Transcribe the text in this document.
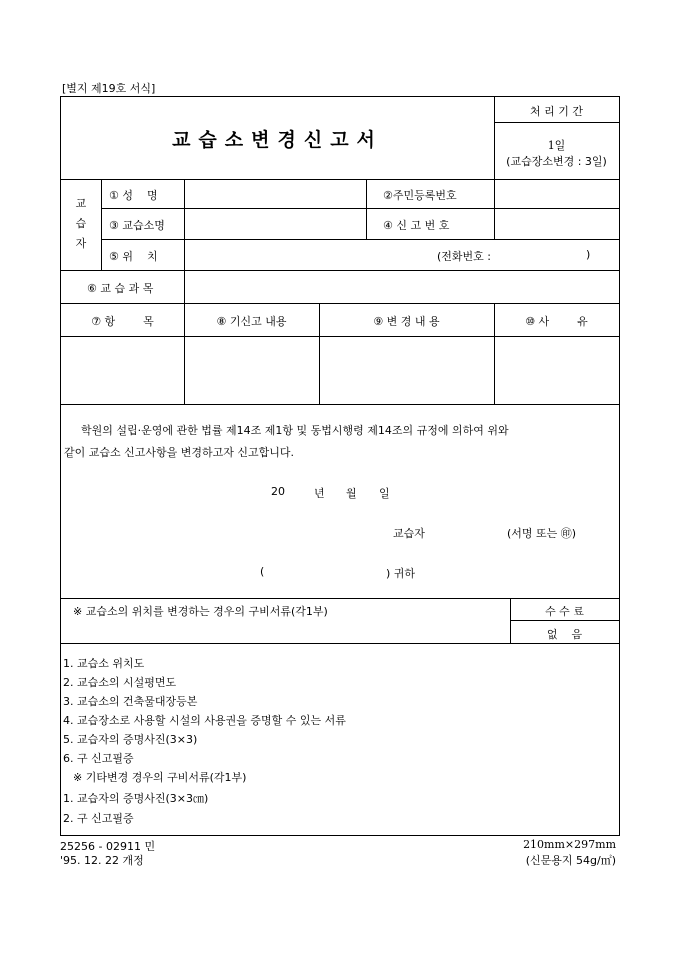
[별지 제19호 서식]
교습소변경신고서
처 리 기 간
1일
(교습장소변경 : 3일)
교
습
자
① 성    명	②주민등록번호
③ 교습소명	④ 신 고 번 호
⑤ 위    치	(전화번호 :	)
⑥ 교 습 과 목
⑦ 항        목	⑧ 기신고 내용	⑨ 변 경 내 용	⑩ 사        유
학원의 설립·운영에 관한 법률 제14조 제1항 및 동법시행령 제14조의 규정에 의하여 위와
같이 교습소 신고사항을 변경하고자 신고합니다.
20	년 월 일
교습자	(서명 또는 ㊞)
(	) 귀하
※ 교습소의 위치를 변경하는 경우의 구비서류(각1부)	수 수 료
없    음
1. 교습소 위치도
2. 교습소의 시설평면도
3. 교습소의 건축물대장등본
4. 교습장소로 사용할 시설의 사용권을 증명할 수 있는 서류
5. 교습자의 증명사진(3×3)
6. 구 신고필증
※ 기타변경 경우의 구비서류(각1부)
1. 교습자의 증명사진(3×3㎝)
2. 구 신고필증
25256 - 02911 민
'95. 12. 22 개정
210mm×297mm
(신문용지 54g/㎡)
